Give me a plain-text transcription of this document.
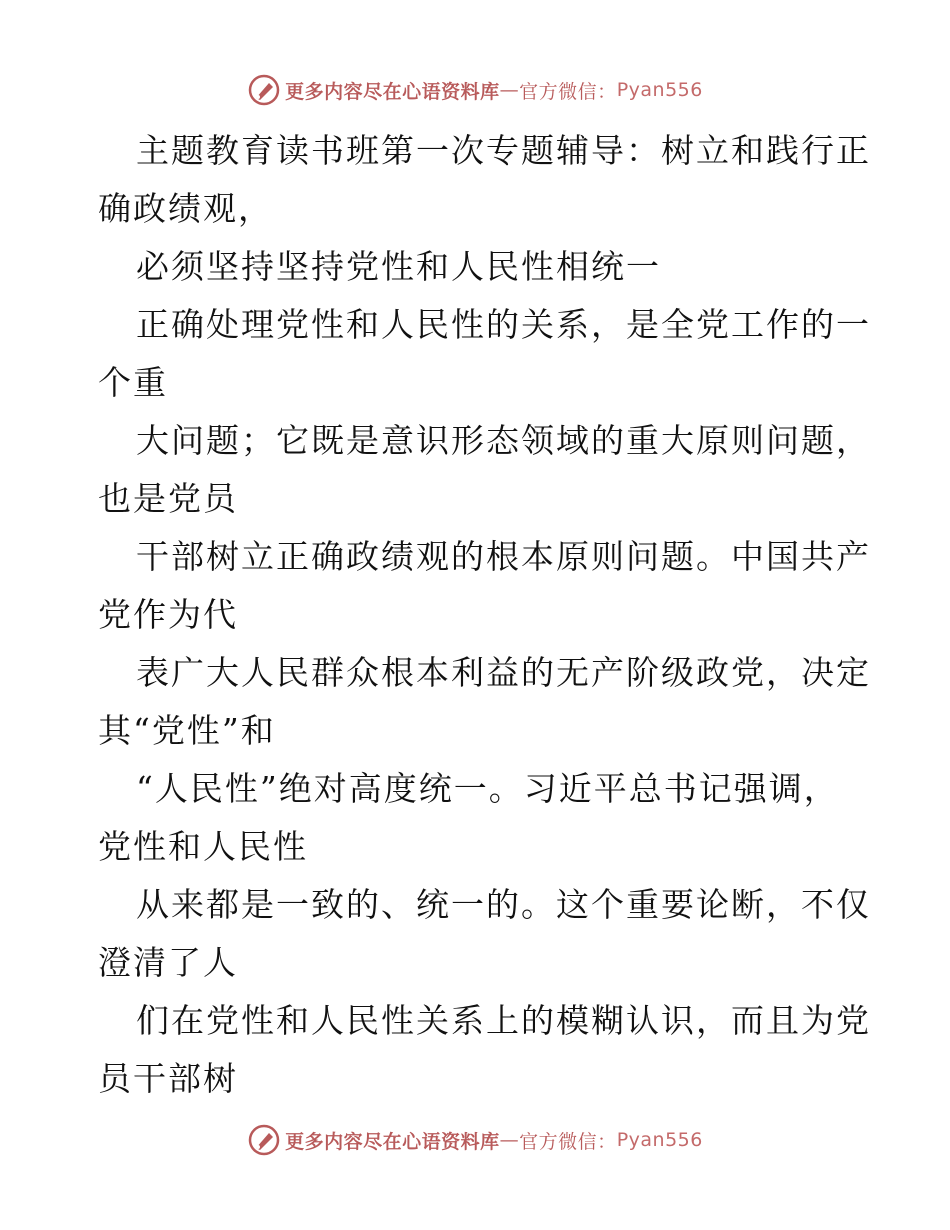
更多内容尽在心语资料库 — 官方微信： Pyan556
主题教育读书班第一次专题辅导：树立和践行正
确政绩观，
必须坚持坚持党性和人民性相统一
正确处理党性和人民性的关系，是全党工作的一
个重
大问题；它既是意识形态领域的重大原则问题，
也是党员
干部树立正确政绩观的根本原则问题。中国共产
党作为代
表广大人民群众根本利益的无产阶级政党，决定
其“党性”和
“人民性”绝对高度统一。习近平总书记强调，
党性和人民性
从来都是一致的、统一的。这个重要论断，不仅
澄清了人
们在党性和人民性关系上的模糊认识，而且为党
员干部树
更多内容尽在心语资料库 — 官方微信： Pyan556
